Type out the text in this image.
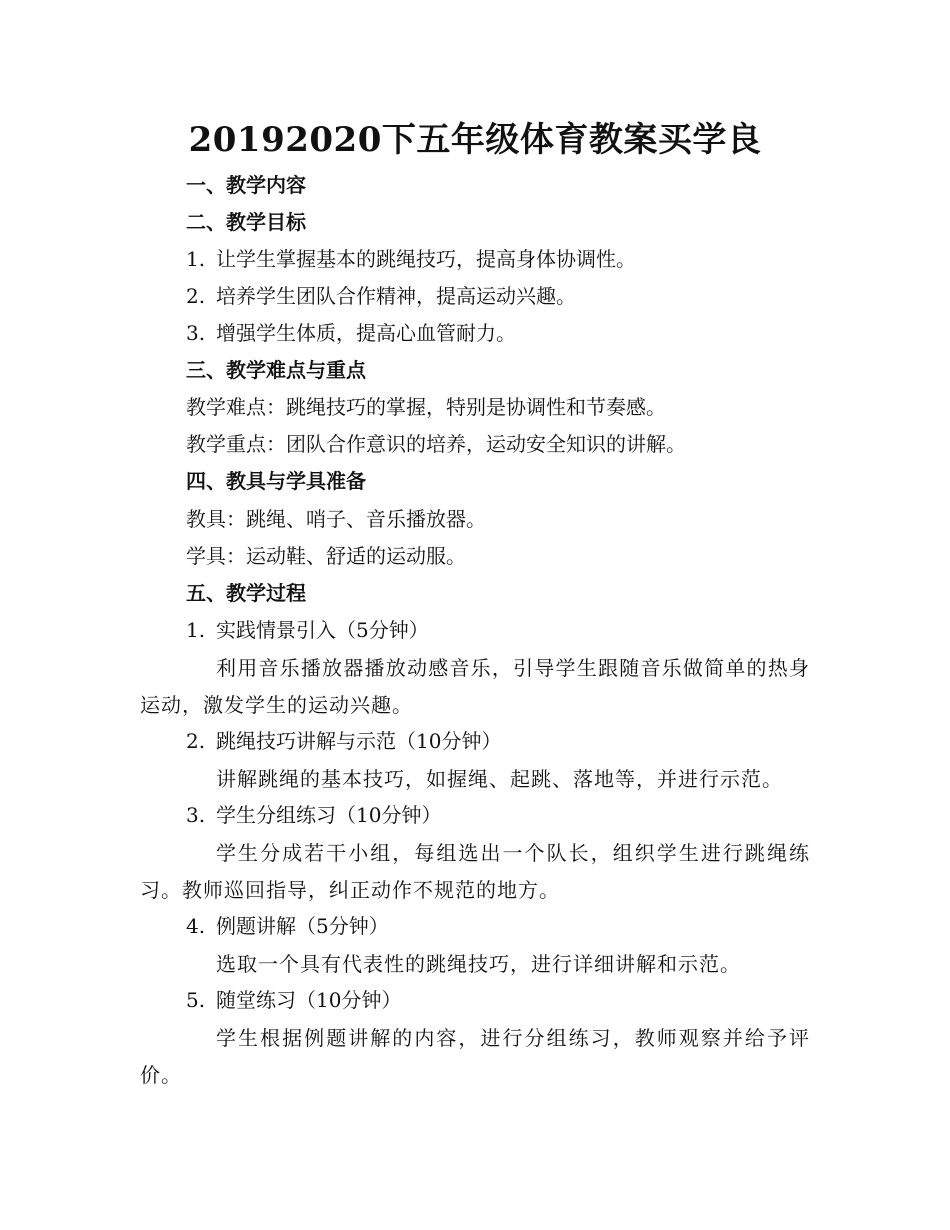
20192020下五年级体育教案买学良
一、教学内容
二、教学目标
1. 让学生掌握基本的跳绳技巧，提高身体协调性。
2. 培养学生团队合作精神，提高运动兴趣。
3. 增强学生体质，提高心血管耐力。
三、教学难点与重点
教学难点：跳绳技巧的掌握，特别是协调性和节奏感。
教学重点：团队合作意识的培养，运动安全知识的讲解。
四、教具与学具准备
教具：跳绳、哨子、音乐播放器。
学具：运动鞋、舒适的运动服。
五、教学过程
1. 实践情景引入（5分钟）
利用音乐播放器播放动感音乐，引导学生跟随音乐做简单的热身运动，激发学生的运动兴趣。
2. 跳绳技巧讲解与示范（10分钟）
讲解跳绳的基本技巧，如握绳、起跳、落地等，并进行示范。
3. 学生分组练习（10分钟）
学生分成若干小组，每组选出一个队长，组织学生进行跳绳练习。教师巡回指导，纠正动作不规范的地方。
4. 例题讲解（5分钟）
选取一个具有代表性的跳绳技巧，进行详细讲解和示范。
5. 随堂练习（10分钟）
学生根据例题讲解的内容，进行分组练习，教师观察并给予评价。
